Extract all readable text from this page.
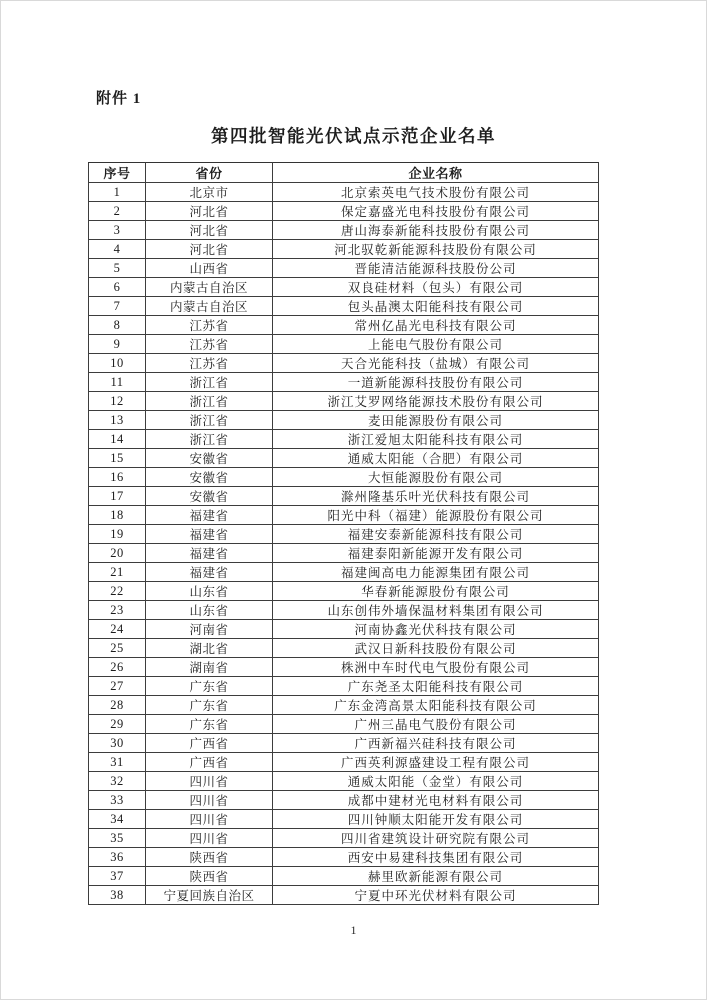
附件 1
第四批智能光伏试点示范企业名单
序号	省份	企业名称
1	北京市	北京索英电气技术股份有限公司
2	河北省	保定嘉盛光电科技股份有限公司
3	河北省	唐山海泰新能科技股份有限公司
4	河北省	河北驭乾新能源科技股份有限公司
5	山西省	晋能清洁能源科技股份公司
6	内蒙古自治区	双良硅材料（包头）有限公司
7	内蒙古自治区	包头晶澳太阳能科技有限公司
8	江苏省	常州亿晶光电科技有限公司
9	江苏省	上能电气股份有限公司
10	江苏省	天合光能科技（盐城）有限公司
11	浙江省	一道新能源科技股份有限公司
12	浙江省	浙江艾罗网络能源技术股份有限公司
13	浙江省	麦田能源股份有限公司
14	浙江省	浙江爱旭太阳能科技有限公司
15	安徽省	通威太阳能（合肥）有限公司
16	安徽省	大恒能源股份有限公司
17	安徽省	滁州隆基乐叶光伏科技有限公司
18	福建省	阳光中科（福建）能源股份有限公司
19	福建省	福建安泰新能源科技有限公司
20	福建省	福建泰阳新能源开发有限公司
21	福建省	福建闽高电力能源集团有限公司
22	山东省	华春新能源股份有限公司
23	山东省	山东创伟外墙保温材料集团有限公司
24	河南省	河南协鑫光伏科技有限公司
25	湖北省	武汉日新科技股份有限公司
26	湖南省	株洲中车时代电气股份有限公司
27	广东省	广东尧圣太阳能科技有限公司
28	广东省	广东金湾高景太阳能科技有限公司
29	广东省	广州三晶电气股份有限公司
30	广西省	广西新福兴硅科技有限公司
31	广西省	广西英利源盛建设工程有限公司
32	四川省	通威太阳能（金堂）有限公司
33	四川省	成都中建材光电材料有限公司
34	四川省	四川钟顺太阳能开发有限公司
35	四川省	四川省建筑设计研究院有限公司
36	陕西省	西安中易建科技集团有限公司
37	陕西省	赫里欧新能源有限公司
38	宁夏回族自治区	宁夏中环光伏材料有限公司
1
